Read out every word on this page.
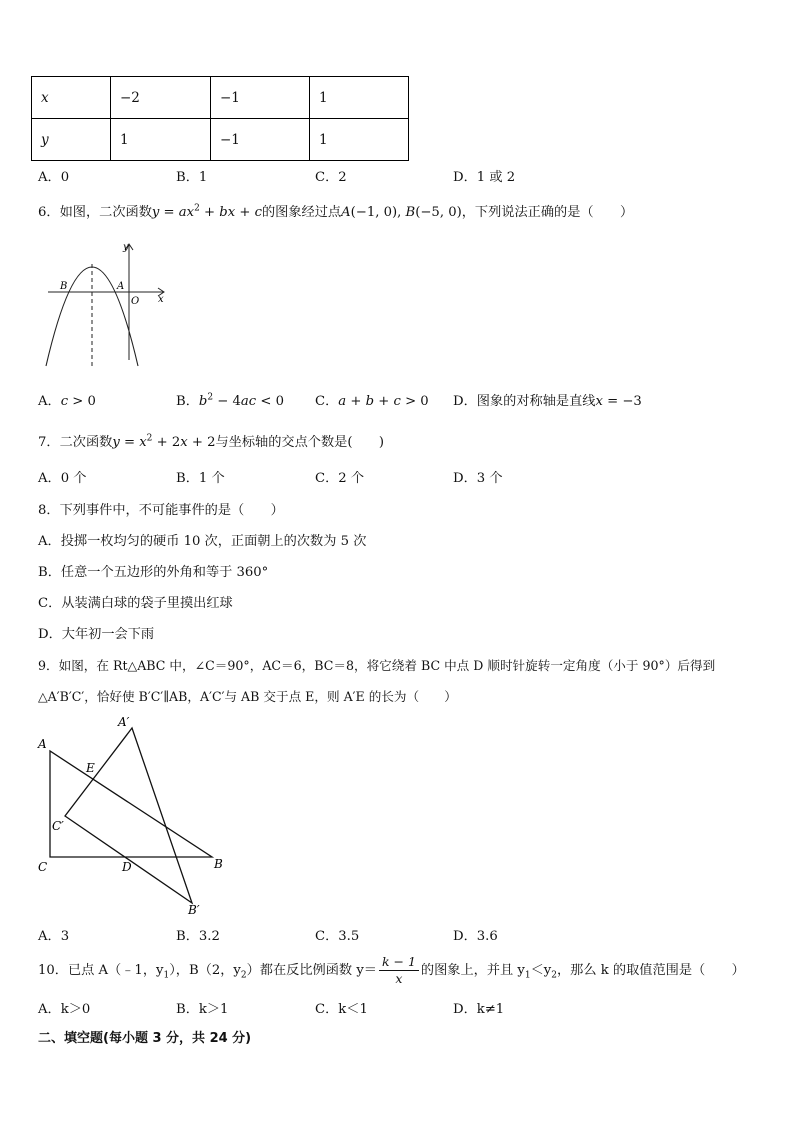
x	−2	−1	1
y	1	−1	1
A．0	B．1	C．2	D．1 或 2
6．如图，二次函数$y = ax^2$ + bx + c的图象经过点A(−1, 0), B(−5, 0)，下列说法正确的是（　　）
y
x
B	A
O
A．c > 0	B．$b^2 - 4ac < 0$ C．a + b + c > 0 D．图象的对称轴是直线x = −3
7．二次函数$y = x^2 + 2x + 2$与坐标轴的交点个数是(　　)
A．0 个	B．1 个	C．2 个	D．3 个
8．下列事件中，不可能事件的是（　　）
A．投掷一枚均匀的硬币 10 次，正面朝上的次数为 5 次
B．任意一个五边形的外角和等于 360°
C．从装满白球的袋子里摸出红球
D．大年初一会下雨
9．如图，在 Rt△ABC 中，∠C＝90°，AC＝6，BC＝8，将它绕着 BC 中点 D 顺时针旋转一定角度（小于 90°）后得到
△A′B′C′，恰好使 B′C′∥AB，A′C′与 AB 交于点 E，则 A′E 的长为（　　）
A′
A
E
C′
C	D	B
B′
A．3	B．3.2	C．3.5	D．3.6
10．已点 A（﹣1，$y_1$），B（2，$y_2$）都在反比例函数 $y= \frac{k - 1}{x}$ 的图象上，并且 $y_1<y_2$，那么 k 的取值范围是（　　）
A．k＞0	B．k＞1	C．k＜1	D．k≠1
二、填空题(每小题 3 分，共 24 分)
